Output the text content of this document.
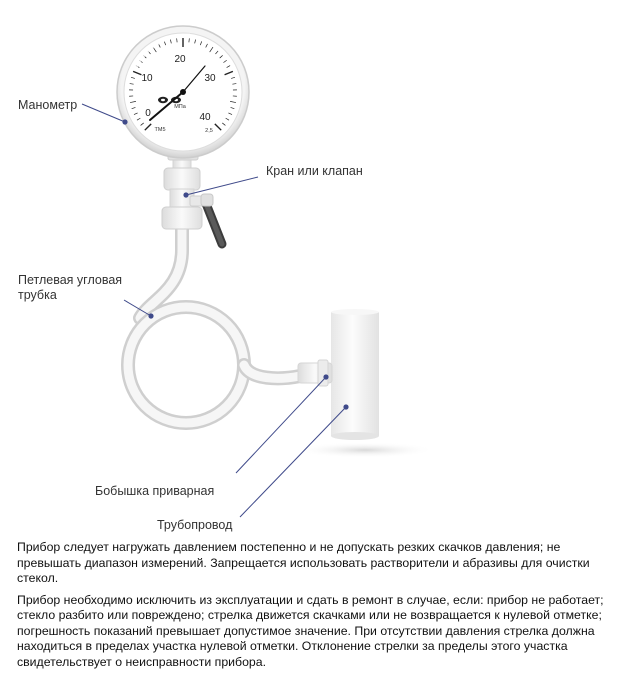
0
10
20
30
40
МПа
ТМ5	2,5
Манометр
Кран или клапан
Петлевая угловая
трубка
Бобышка приварная
Трубопровод

Прибор следует нагружать давлением постепенно и не допускать резких скачков давления; не превышать диапазон измерений. Запрещается использовать растворители и абразивы для очистки стекол.

Прибор необходимо исключить из эксплуатации и сдать в ремонт в случае, если: прибор не работает; стекло разбито или повреждено; стрелка движется скачками или не возвращается к нулевой отметке; погрешность показаний превышает допустимое значение. При отсутствии давления стрелка должна находиться в пределах участка нулевой отметки. Отклонение стрелки за пределы этого участка свидетельствует о неисправности прибора.
